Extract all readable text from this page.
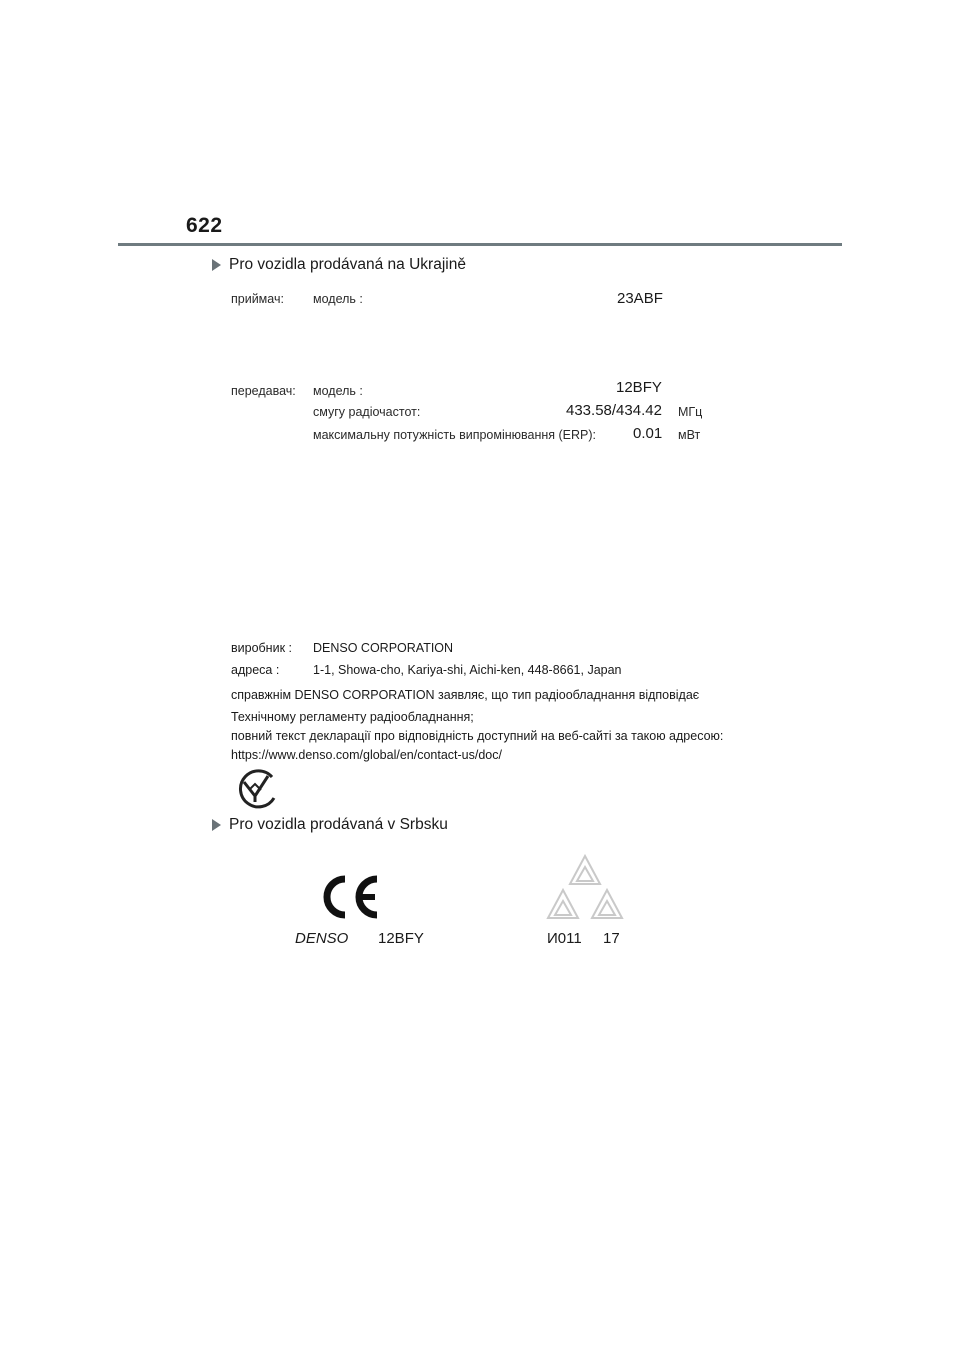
622
Pro vozidla prodávaná na Ukrajině
приймач: модель :	23ABF
передавач: модель :	12BFY
смугу радіочастот:	433.58/434.42 МГц
максимальну потужність випромінювання (ERP): 0.01 мВт
виробник : DENSO CORPORATION
адреса :	1-1, Showa-cho, Kariya-shi, Aichi-ken, 448-8661, Japan
справжнім DENSO CORPORATION заявляє, що тип радіообладнання відповідає
Технічному регламенту радіообладнання;
повний текст декларації про відповідність доступний на веб-сайті за такою адресою:
https://www.denso.com/global/en/contact-us/doc/
Pro vozidla prodávaná v Srbsku
DENSO 12BFY	И011 17
